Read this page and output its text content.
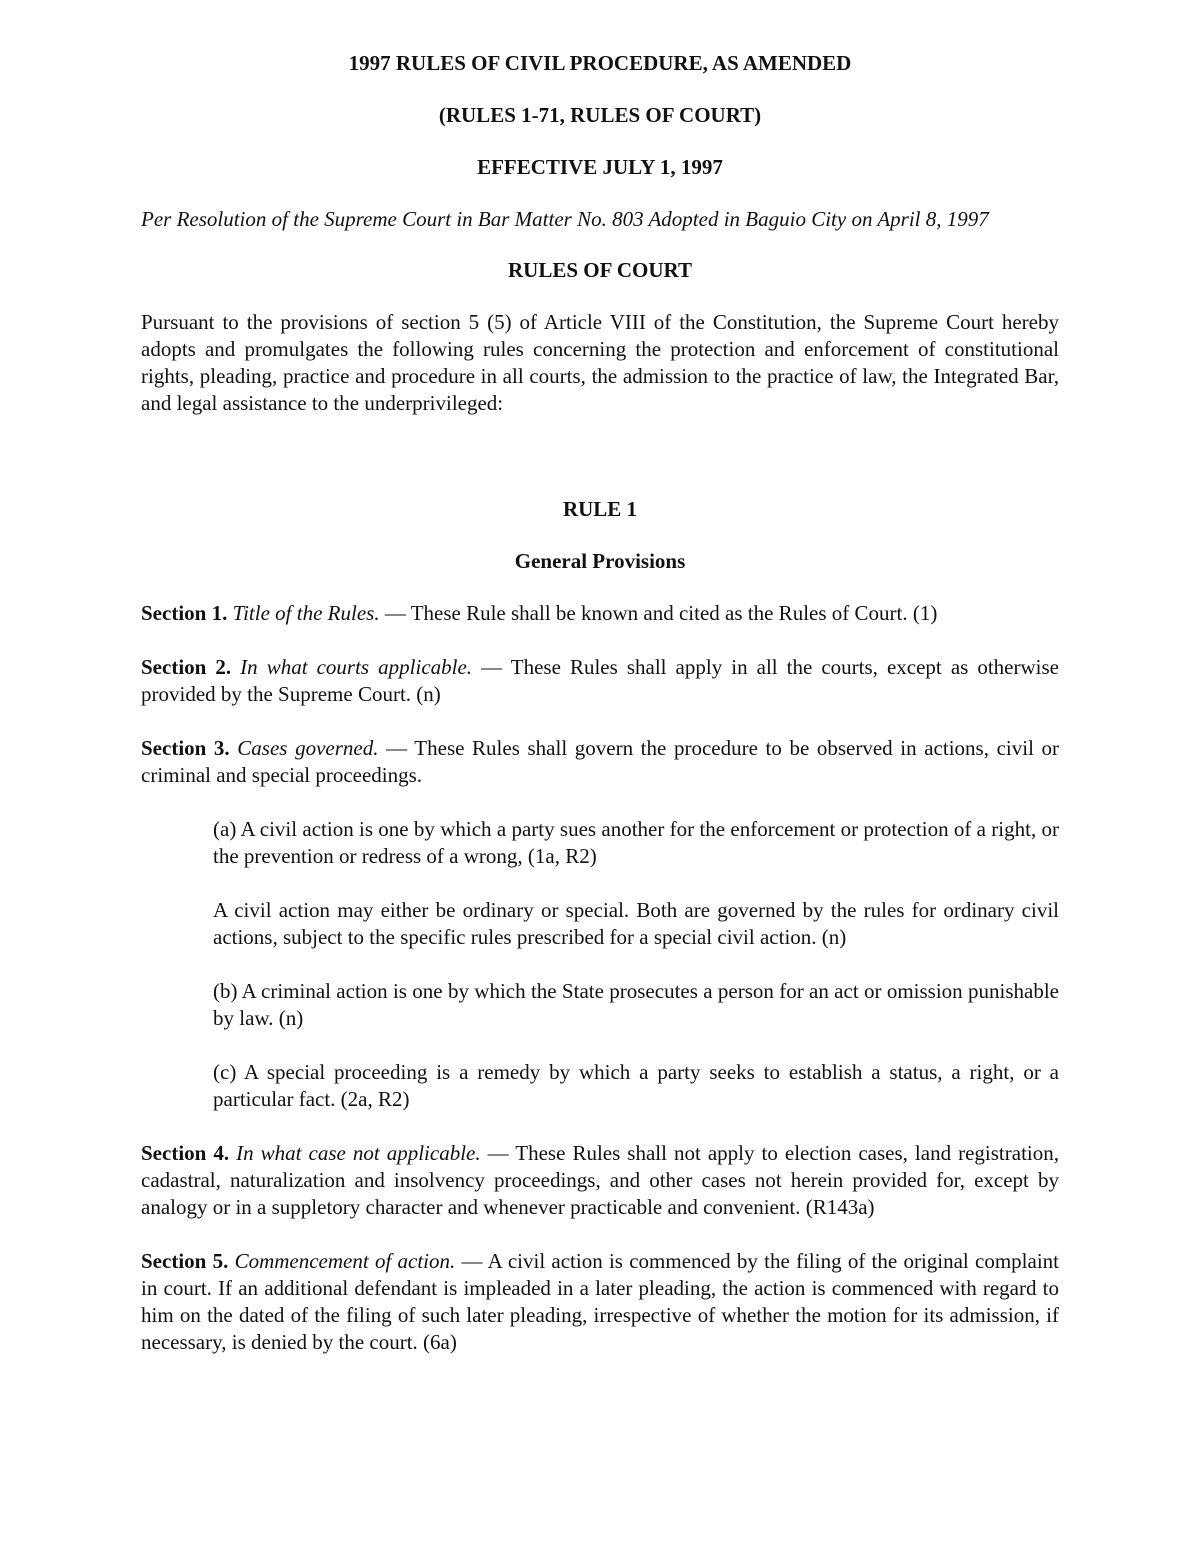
1997 RULES OF CIVIL PROCEDURE, AS AMENDED

(RULES 1-71, RULES OF COURT)

EFFECTIVE JULY 1, 1997

Per Resolution of the Supreme Court in Bar Matter No. 803 Adopted in Baguio City on April 8, 1997

RULES OF COURT

Pursuant to the provisions of section 5 (5) of Article VIII of the Constitution, the Supreme Court hereby adopts and promulgates the following rules concerning the protection and enforcement of constitutional rights, pleading, practice and procedure in all courts, the admission to the practice of law, the Integrated Bar, and legal assistance to the underprivileged:

RULE 1

General Provisions

Section 1. Title of the Rules. — These Rule shall be known and cited as the Rules of Court. (1)

Section 2. In what courts applicable. — These Rules shall apply in all the courts, except as otherwise provided by the Supreme Court. (n)

Section 3. Cases governed. — These Rules shall govern the procedure to be observed in actions, civil or criminal and special proceedings.

(a) A civil action is one by which a party sues another for the enforcement or protection of a right, or the prevention or redress of a wrong, (1a, R2)

A civil action may either be ordinary or special. Both are governed by the rules for ordinary civil actions, subject to the specific rules prescribed for a special civil action. (n)

(b) A criminal action is one by which the State prosecutes a person for an act or omission punishable by law. (n)

(c) A special proceeding is a remedy by which a party seeks to establish a status, a right, or a particular fact. (2a, R2)

Section 4. In what case not applicable. — These Rules shall not apply to election cases, land registration, cadastral, naturalization and insolvency proceedings, and other cases not herein provided for, except by analogy or in a suppletory character and whenever practicable and convenient. (R143a)

Section 5. Commencement of action. — A civil action is commenced by the filing of the original complaint in court. If an additional defendant is impleaded in a later pleading, the action is commenced with regard to him on the dated of the filing of such later pleading, irrespective of whether the motion for its admission, if necessary, is denied by the court. (6a)
